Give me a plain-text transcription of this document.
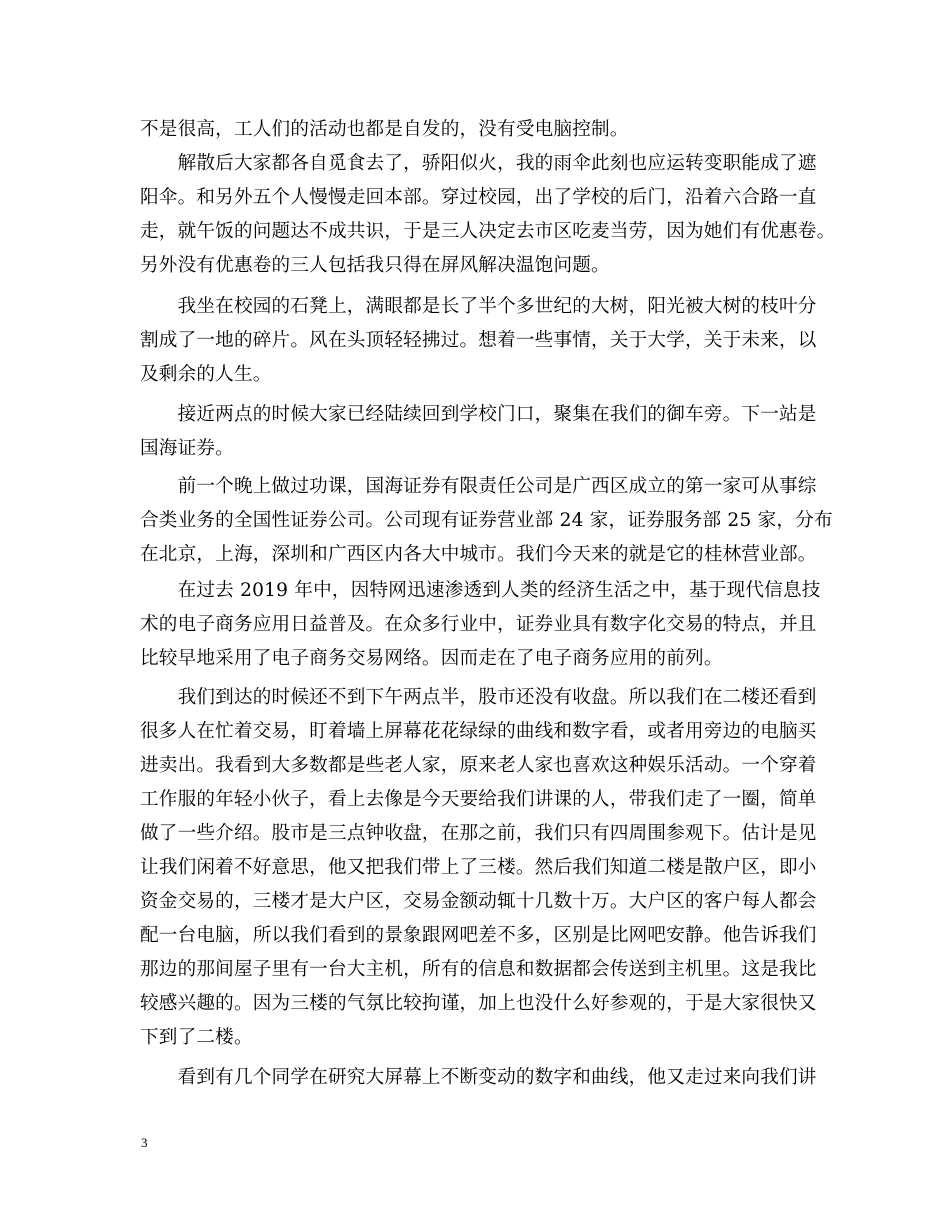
不是很高，工人们的活动也都是自发的，没有受电脑控制。
　　解散后大家都各自觅食去了，骄阳似火，我的雨伞此刻也应运转变职能成了遮
阳伞。和另外五个人慢慢走回本部。穿过校园，出了学校的后门，沿着六合路一直
走，就午饭的问题达不成共识，于是三人决定去市区吃麦当劳，因为她们有优惠卷。
另外没有优惠卷的三人包括我只得在屏风解决温饱问题。
　　我坐在校园的石凳上，满眼都是长了半个多世纪的大树，阳光被大树的枝叶分
割成了一地的碎片。风在头顶轻轻拂过。想着一些事情，关于大学，关于未来，以
及剩余的人生。
　　接近两点的时候大家已经陆续回到学校门口，聚集在我们的御车旁。下一站是
国海证券。
　　前一个晚上做过功课，国海证券有限责任公司是广西区成立的第一家可从事综
合类业务的全国性证券公司。公司现有证券营业部 24 家，证券服务部 25 家，分布
在北京，上海，深圳和广西区内各大中城市。我们今天来的就是它的桂林营业部。
　　在过去 2019 年中，因特网迅速渗透到人类的经济生活之中，基于现代信息技
术的电子商务应用日益普及。在众多行业中，证券业具有数字化交易的特点，并且
比较早地采用了电子商务交易网络。因而走在了电子商务应用的前列。
　　我们到达的时候还不到下午两点半，股市还没有收盘。所以我们在二楼还看到
很多人在忙着交易，盯着墙上屏幕花花绿绿的曲线和数字看，或者用旁边的电脑买
进卖出。我看到大多数都是些老人家，原来老人家也喜欢这种娱乐活动。一个穿着
工作服的年轻小伙子，看上去像是今天要给我们讲课的人，带我们走了一圈，简单
做了一些介绍。股市是三点钟收盘，在那之前，我们只有四周围参观下。估计是见
让我们闲着不好意思，他又把我们带上了三楼。然后我们知道二楼是散户区，即小
资金交易的，三楼才是大户区，交易金额动辄十几数十万。大户区的客户每人都会
配一台电脑，所以我们看到的景象跟网吧差不多，区别是比网吧安静。他告诉我们
那边的那间屋子里有一台大主机，所有的信息和数据都会传送到主机里。这是我比
较感兴趣的。因为三楼的气氛比较拘谨，加上也没什么好参观的，于是大家很快又
下到了二楼。
　　看到有几个同学在研究大屏幕上不断变动的数字和曲线，他又走过来向我们讲
3
